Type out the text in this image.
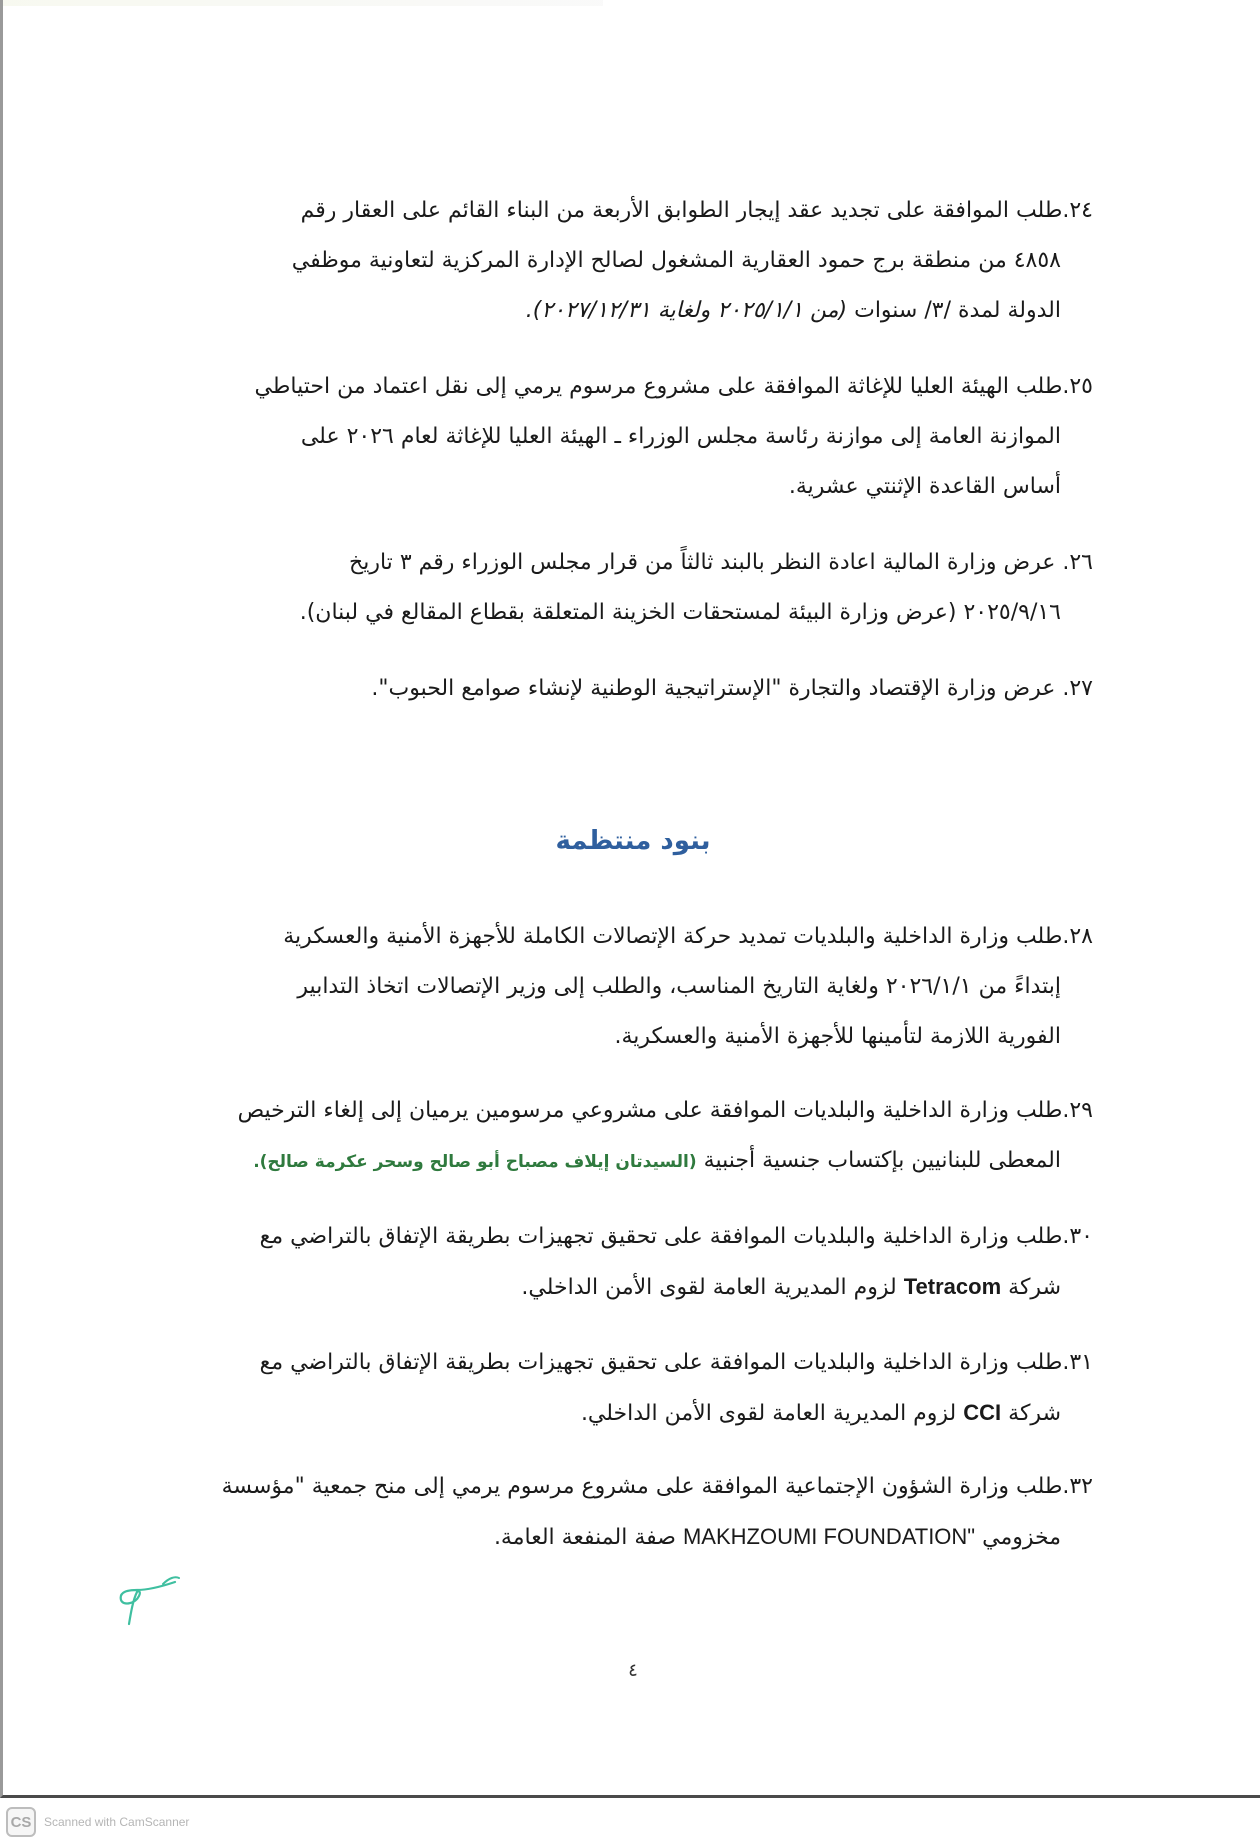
٢٤.طلب الموافقة على تجديد عقد إيجار الطوابق الأربعة من البناء القائم على العقار رقم
٤٨٥٨ من منطقة برج حمود العقارية المشغول لصالح الإدارة المركزية لتعاونية موظفي
الدولة لمدة /٣/ سنوات (من ٢٠٢٥/١/١ ولغاية ٢٠٢٧/١٢/٣١).
٢٥.طلب الهيئة العليا للإغاثة الموافقة على مشروع مرسوم يرمي إلى نقل اعتماد من احتياطي
الموازنة العامة إلى موازنة رئاسة مجلس الوزراء ـ الهيئة العليا للإغاثة لعام ٢٠٢٦ على
أساس القاعدة الإثنتي عشرية.
٢٦. عرض وزارة المالية اعادة النظر بالبند ثالثاً من قرار مجلس الوزراء رقم ٣ تاريخ
٢٠٢٥/٩/١٦ (عرض وزارة البيئة لمستحقات الخزينة المتعلقة بقطاع المقالع في لبنان).
٢٧. عرض وزارة الإقتصاد والتجارة "الإستراتيجية الوطنية لإنشاء صوامع الحبوب".
بنود منتظمة
٢٨.طلب وزارة الداخلية والبلديات تمديد حركة الإتصالات الكاملة للأجهزة الأمنية والعسكرية
إبتداءً من ٢٠٢٦/١/١ ولغاية التاريخ المناسب، والطلب إلى وزير الإتصالات اتخاذ التدابير
الفورية اللازمة لتأمينها للأجهزة الأمنية والعسكرية.
٢٩.طلب وزارة الداخلية والبلديات الموافقة على مشروعي مرسومين يرميان إلى إلغاء الترخيص
المعطى للبنانيين بإكتساب جنسية أجنبية (السيدتان إيلاف مصباح أبو صالح وسحر عكرمة صالح).
٣٠.طلب وزارة الداخلية والبلديات الموافقة على تحقيق تجهيزات بطريقة الإتفاق بالتراضي مع
شركة Tetracom لزوم المديرية العامة لقوى الأمن الداخلي.
٣١.طلب وزارة الداخلية والبلديات الموافقة على تحقيق تجهيزات بطريقة الإتفاق بالتراضي مع
شركة CCI لزوم المديرية العامة لقوى الأمن الداخلي.
٣٢.طلب وزارة الشؤون الإجتماعية الموافقة على مشروع مرسوم يرمي إلى منح جمعية "مؤسسة
مخزومي MAKHZOUMI FOUNDATION" صفة المنفعة العامة.
٤
CS	Scanned with CamScanner
